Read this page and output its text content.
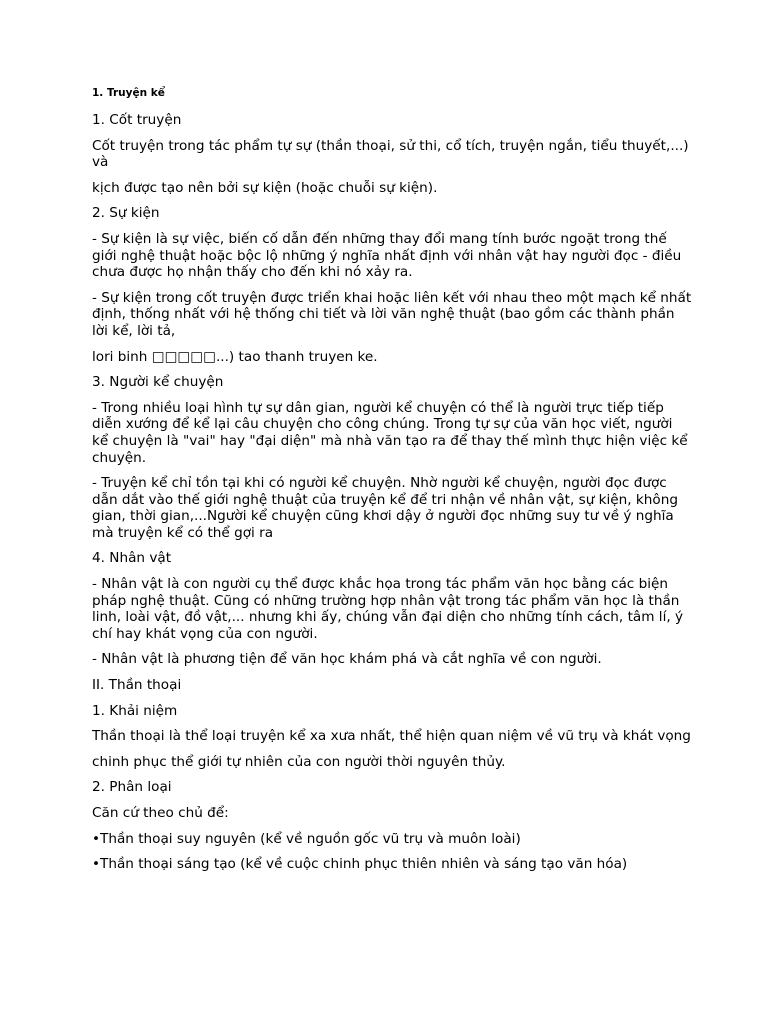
1. Truyện kể

1. Cốt truyện

Cốt truyện trong tác phẩm tự sự (thần thoại, sử thi, cổ tích, truyện ngắn, tiểu thuyết,...) và

kịch được tạo nên bởi sự kiện (hoặc chuỗi sự kiện).

2. Sự kiện

- Sự kiện là sự việc, biến cố dẫn đến những thay đổi mang tính bước ngoặt trong thế giới nghệ thuật hoặc bộc lộ những ý nghĩa nhất định với nhân vật hay người đọc - điều chưa được họ nhận thấy cho đến khi nó xảy ra.

- Sự kiện trong cốt truyện được triển khai hoặc liên kết với nhau theo một mạch kể nhất định, thống nhất với hệ thống chi tiết và lời văn nghệ thuật (bao gồm các thành phần lời kể, lời tả,

lori binh □□□□□...) tao thanh truyen ke.

3. Người kể chuyện

- Trong nhiều loại hình tự sự dân gian, người kể chuyện có thể là người trực tiếp tiếp diễn xướng để kể lại câu chuyện cho công chúng. Trong tự sự của văn học viết, người kể chuyện là "vai" hay "đại diện" mà nhà văn tạo ra để thay thế mình thực hiện việc kể chuyện.

- Truyện kể chỉ tồn tại khi có người kể chuyện. Nhờ người kể chuyện, người đọc được dẫn dắt vào thế giới nghệ thuật của truyện kể để tri nhận về nhân vật, sự kiện, không gian, thời gian,...Người kể chuyện cũng khơi dậy ở người đọc những suy tư về ý nghĩa mà truyện kể có thể gợi ra

4. Nhân vật

- Nhân vật là con người cụ thể được khắc họa trong tác phẩm văn học bằng các biện pháp nghệ thuật. Cũng có những trường hợp nhân vật trong tác phẩm văn học là thần linh, loài vật, đồ vật,... nhưng khi ấy, chúng vẫn đại diện cho những tính cách, tâm lí, ý chí hay khát vọng của con người.

- Nhân vật là phương tiện để văn học khám phá và cắt nghĩa về con người.

II. Thần thoại

1. Khải niệm

Thần thoại là thể loại truyện kể xa xưa nhất, thể hiện quan niệm về vũ trụ và khát vọng

chinh phục thể giới tự nhiên của con người thời nguyên thủy.

2. Phân loại

Căn cứ theo chủ để:

• Thần thoại suy nguyên (kể về nguồn gốc vũ trụ và muôn loài)

• Thần thoại sáng tạo (kể về cuộc chinh phục thiên nhiên và sáng tạo văn hóa)
